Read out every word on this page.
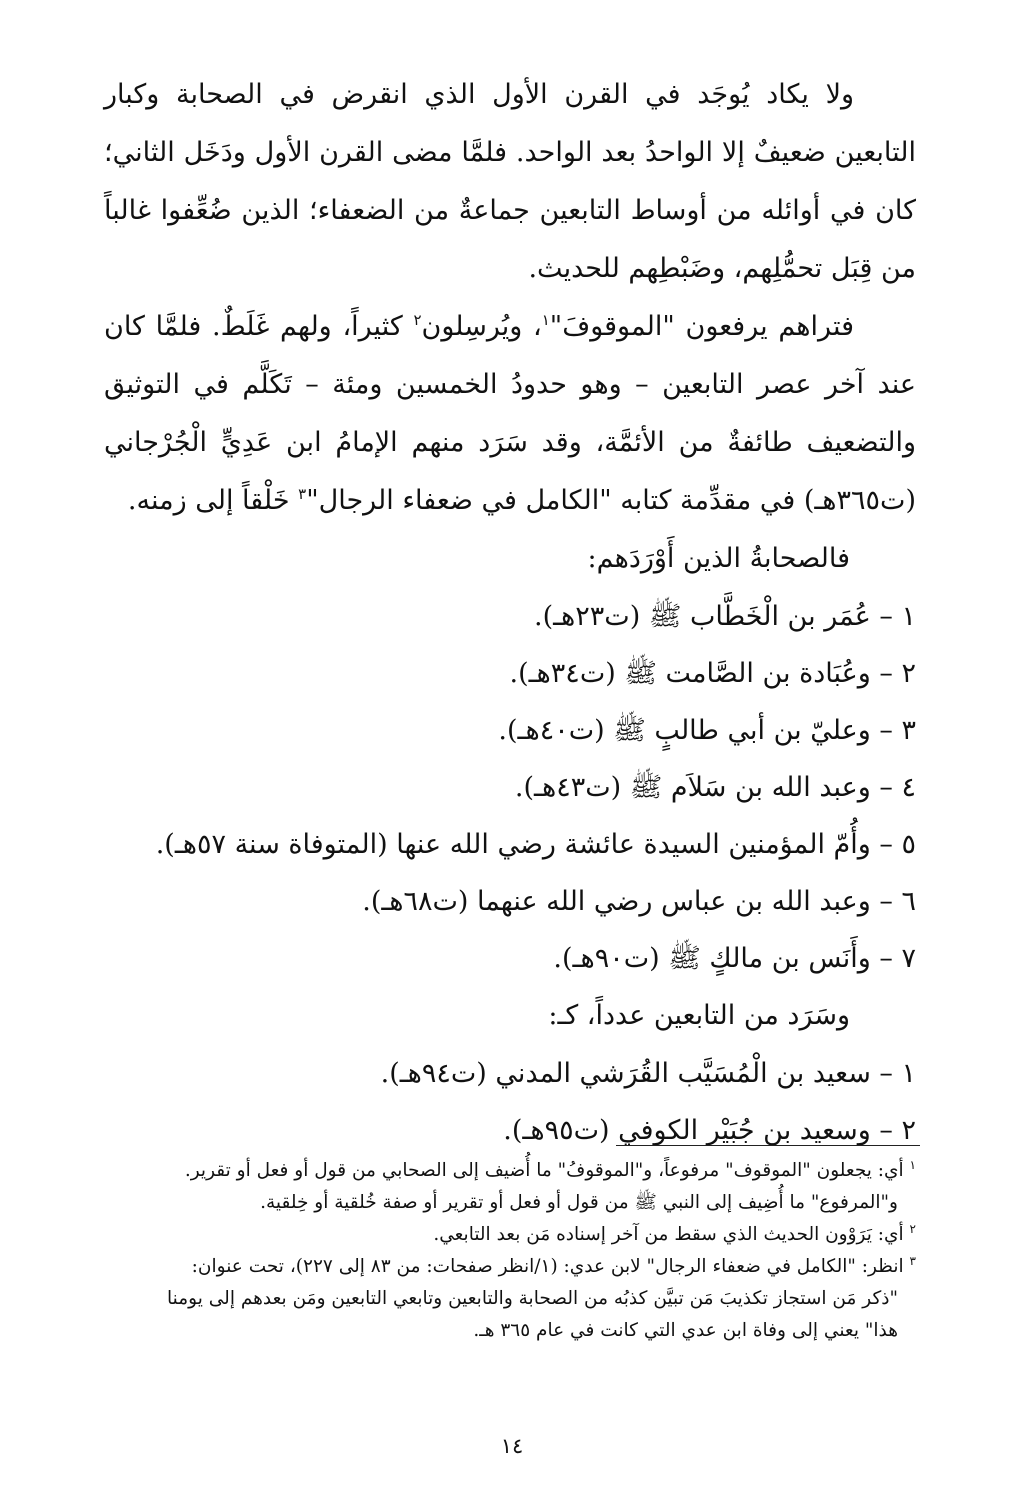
ولا يكاد يُوجَد في القرن الأول الذي انقرض في الصحابة وكبار التابعين ضعيفٌ إلا الواحدُ بعد الواحد. فلمَّا مضى القرن الأول ودَخَل الثاني؛ كان في أوائله من أوساط التابعين جماعةٌ من الضعفاء؛ الذين ضُعِّفوا غالباً من قِبَل تحمُّلِهم، وضَبْطِهم للحديث.

فتراهم يرفعون "الموقوفَ"$^١$، ويُرسِلون$^٢$ كثيراً، ولهم غَلَطٌ. فلمَّا كان عند آخر عصر التابعين – وهو حدودُ الخمسين ومئة – تَكَلَّم في التوثيق والتضعيف طائفةٌ من الأئمَّة، وقد سَرَد منهم الإمامُ ابن عَدِيٍّ الْجُرْجاني (ت٣٦٥هـ) في مقدِّمة كتابه "الكامل في ضعفاء الرجال"$^٣$ خَلْقاً إلى زمنه.

فالصحابةُ الذين أَوْرَدَهم:

١ – عُمَر بن الْخَطَّاب ﷺ (ت٢٣هـ).
٢ – وعُبَادة بن الصَّامت ﷺ (ت٣٤هـ).
٣ – وعليّ بن أبي طالبٍ ﷺ (ت٤٠هـ).
٤ – وعبد الله بن سَلاَم ﷺ (ت٤٣هـ).
٥ – وأُمّ المؤمنين السيدة عائشة رضي الله عنها (المتوفاة سنة ٥٧هـ).
٦ – وعبد الله بن عباس رضي الله عنهما (ت٦٨هـ).
٧ – وأَنَس بن مالكٍ ﷺ (ت٩٠هـ).

وسَرَد من التابعين عدداً، كـ:

١ – سعيد بن الْمُسَيَّب القُرَشي المدني (ت٩٤هـ).
٢ – وسعيد بن جُبَيْر الكوفي (ت٩٥هـ).

$^١$ أي: يجعلون "الموقوف" مرفوعاً، و"الموقوفُ" ما أُضيف إلى الصحابي من قول أو فعل أو تقرير.
و"المرفوع" ما أُضِيف إلى النبي ﷺ من قول أو فعل أو تقرير أو صفة خُلقية أو خِلقية.

$^٢$ أي: يَرَوْون الحديث الذي سقط من آخر إسناده مَن بعد التابعي.

$^٣$ انظر: "الكامل في ضعفاء الرجال" لابن عدي: (١/انظر صفحات: من ٨٣ إلى ٢٢٧)، تحت عنوان:
"ذكر مَن استجاز تكذيبَ مَن تبيَّن كذبُه من الصحابة والتابعين وتابعي التابعين ومَن بعدهم إلى يومنا
هذا" يعني إلى وفاة ابن عدي التي كانت في عام ٣٦٥ هـ.

١٤
